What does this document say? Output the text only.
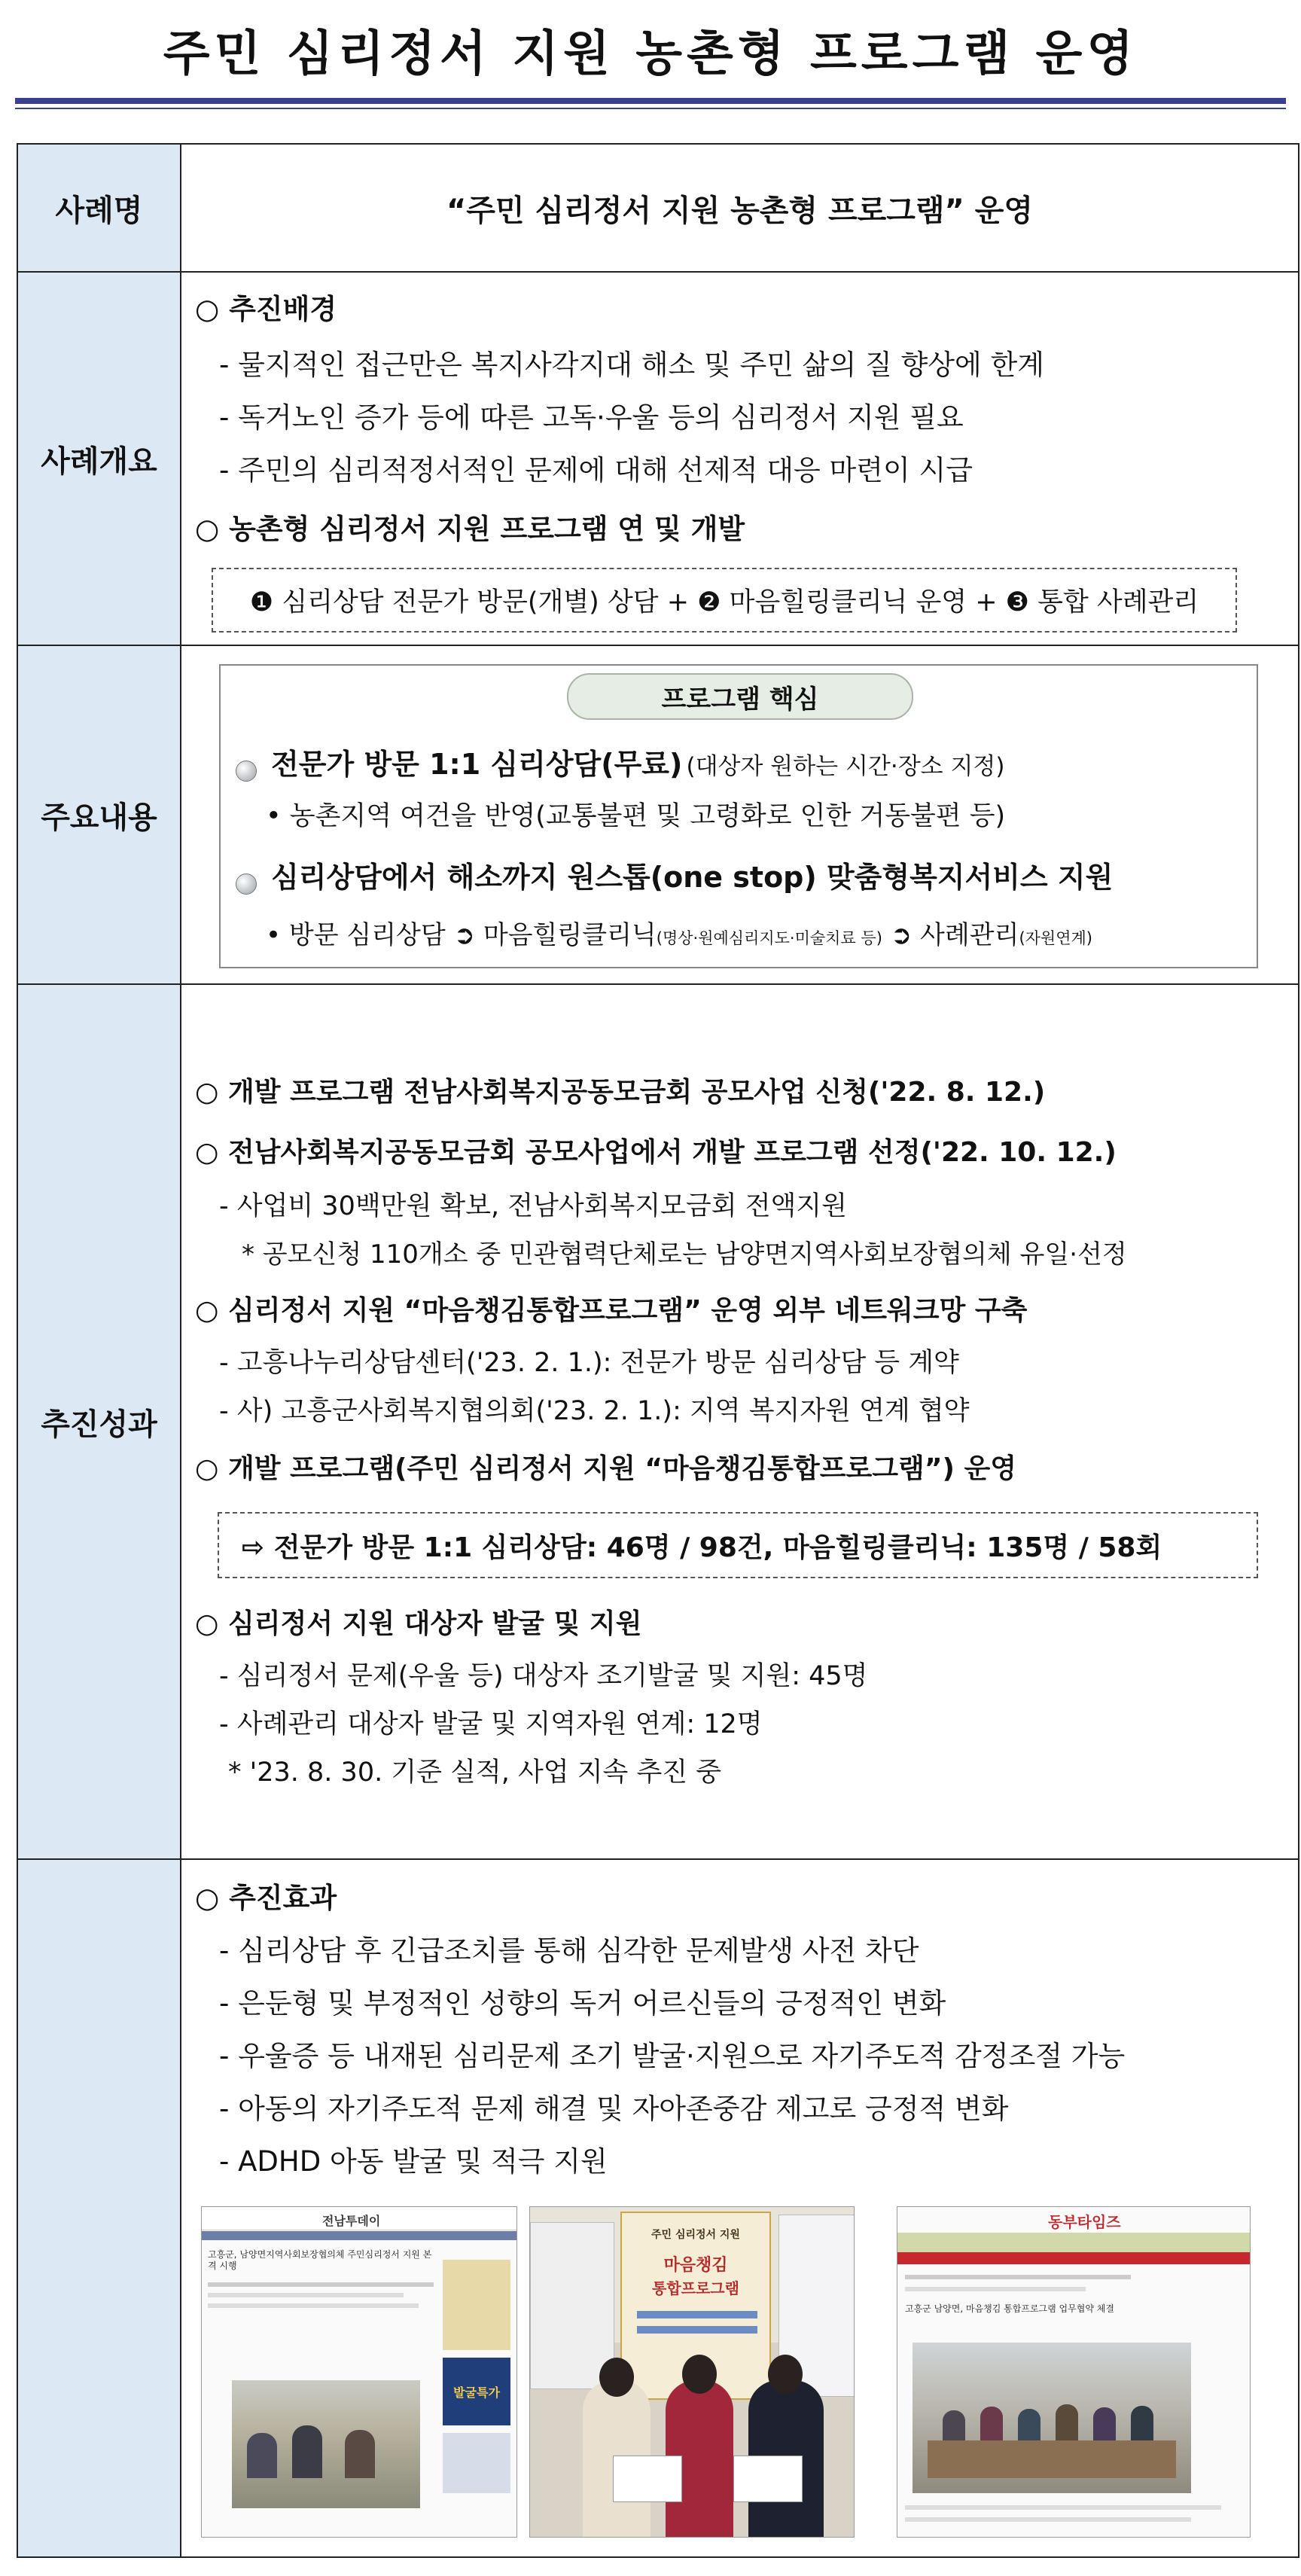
주민 심리정서 지원 농촌형 프로그램 운영
사례명	“주민 심리정서 지원 농촌형 프로그램” 운영
사례개요
○ 추진배경
- 물지적인 접근만은 복지사각지대 해소 및 주민 삶의 질 향상에 한계
- 독거노인 증가 등에 따른 고독·우울 등의 심리정서 지원 필요
- 주민의 심리적정서적인 문제에 대해 선제적 대응 마련이 시급
○ 농촌형 심리정서 지원 프로그램 연 및 개발
❶ 심리상담 전문가 방문(개별) 상담 + ❷ 마음힐링클리닉 운영 + ❸ 통합 사례관리
주요내용
프로그램 핵심
전문가 방문 1:1 심리상담(무료) (대상자 원하는 시간·장소 지정)
• 농촌지역 여건을 반영(교통불편 및 고령화로 인한 거동불편 등)
심리상담에서 해소까지 원스톱(one stop) 맞춤형복지서비스 지원
• 방문 심리상담 ➲ 마음힐링클리닉(명상·원예심리지도·미술치료 등) ➲ 사례관리(자원연계)
추진성과
○ 개발 프로그램 전남사회복지공동모금회 공모사업 신청('22. 8. 12.)
○ 전남사회복지공동모금회 공모사업에서 개발 프로그램 선정('22. 10. 12.)
- 사업비 30백만원 확보, 전남사회복지모금회 전액지원
* 공모신청 110개소 중 민관협력단체로는 남양면지역사회보장협의체 유일·선정
○ 심리정서 지원 “마음챙김통합프로그램” 운영 외부 네트워크망 구축
- 고흥나누리상담센터('23. 2. 1.): 전문가 방문 심리상담 등 계약
- 사) 고흥군사회복지협의회('23. 2. 1.): 지역 복지자원 연계 협약
○ 개발 프로그램(주민 심리정서 지원 “마음챙김통합프로그램”) 운영
⇨ 전문가 방문 1:1 심리상담: 46명 / 98건, 마음힐링클리닉: 135명 / 58회
○ 심리정서 지원 대상자 발굴 및 지원
- 심리정서 문제(우울 등) 대상자 조기발굴 및 지원: 45명
- 사례관리 대상자 발굴 및 지역자원 연계: 12명
* '23. 8. 30. 기준 실적, 사업 지속 추진 중
○ 추진효과
- 심리상담 후 긴급조치를 통해 심각한 문제발생 사전 차단
- 은둔형 및 부정적인 성향의 독거 어르신들의 긍정적인 변화
- 우울증 등 내재된 심리문제 조기 발굴·지원으로 자기주도적 감정조절 가능
- 아동의 자기주도적 문제 해결 및 자아존중감 제고로 긍정적 변화
- ADHD 아동 발굴 및 적극 지원
전남투데이
고흥군, 남양면지역사회보장협의체 주민심리정서 지원 본격 시행
발굴특가
주민 심리정서 지원
마음챙김
통합프로그램
동부타임즈
고흥군 남양면, 마음챙김 통합프로그램 업무협약 체결
